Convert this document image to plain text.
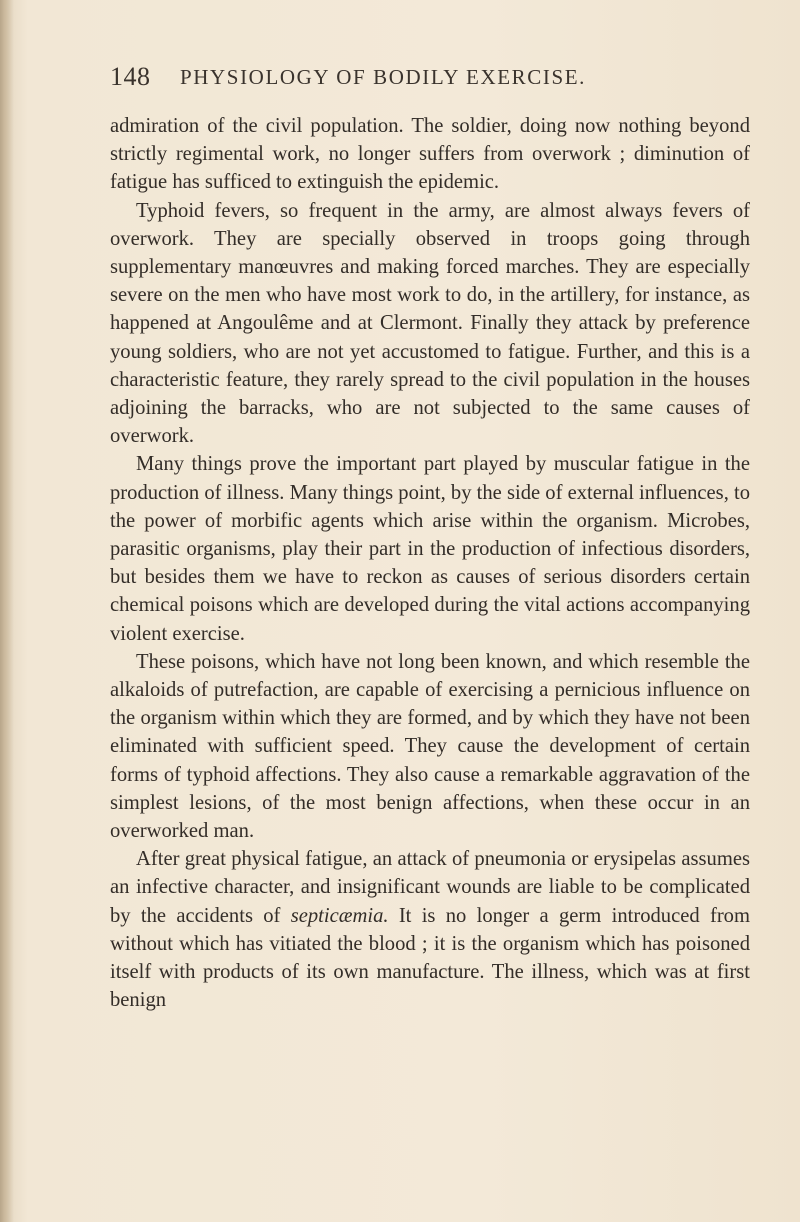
148 PHYSIOLOGY OF BODILY EXERCISE.

admiration of the civil population. The soldier, doing now nothing beyond strictly regimental work, no longer suffers from overwork ; diminution of fatigue has sufficed to extinguish the epidemic.

Typhoid fevers, so frequent in the army, are almost always fevers of overwork. They are specially observed in troops going through supplementary manœuvres and making forced marches. They are especially severe on the men who have most work to do, in the artillery, for instance, as happened at Angoulême and at Clermont. Finally they attack by preference young soldiers, who are not yet accustomed to fatigue. Further, and this is a characteristic feature, they rarely spread to the civil population in the houses adjoining the barracks, who are not subjected to the same causes of overwork.

Many things prove the important part played by muscular fatigue in the production of illness. Many things point, by the side of external influences, to the power of morbific agents which arise within the organism. Microbes, parasitic organisms, play their part in the production of infectious disorders, but besides them we have to reckon as causes of serious disorders certain chemical poisons which are developed during the vital actions accompanying violent exercise.

These poisons, which have not long been known, and which resemble the alkaloids of putrefaction, are capable of exercising a pernicious influence on the organism within which they are formed, and by which they have not been eliminated with sufficient speed. They cause the development of certain forms of typhoid affections. They also cause a remarkable aggravation of the simplest lesions, of the most benign affections, when these occur in an overworked man.

After great physical fatigue, an attack of pneumonia or erysipelas assumes an infective character, and insignificant wounds are liable to be complicated by the accidents of septicæmia. It is no longer a germ introduced from without which has vitiated the blood ; it is the organism which has poisoned itself with products of its own manufacture. The illness, which was at first benign
